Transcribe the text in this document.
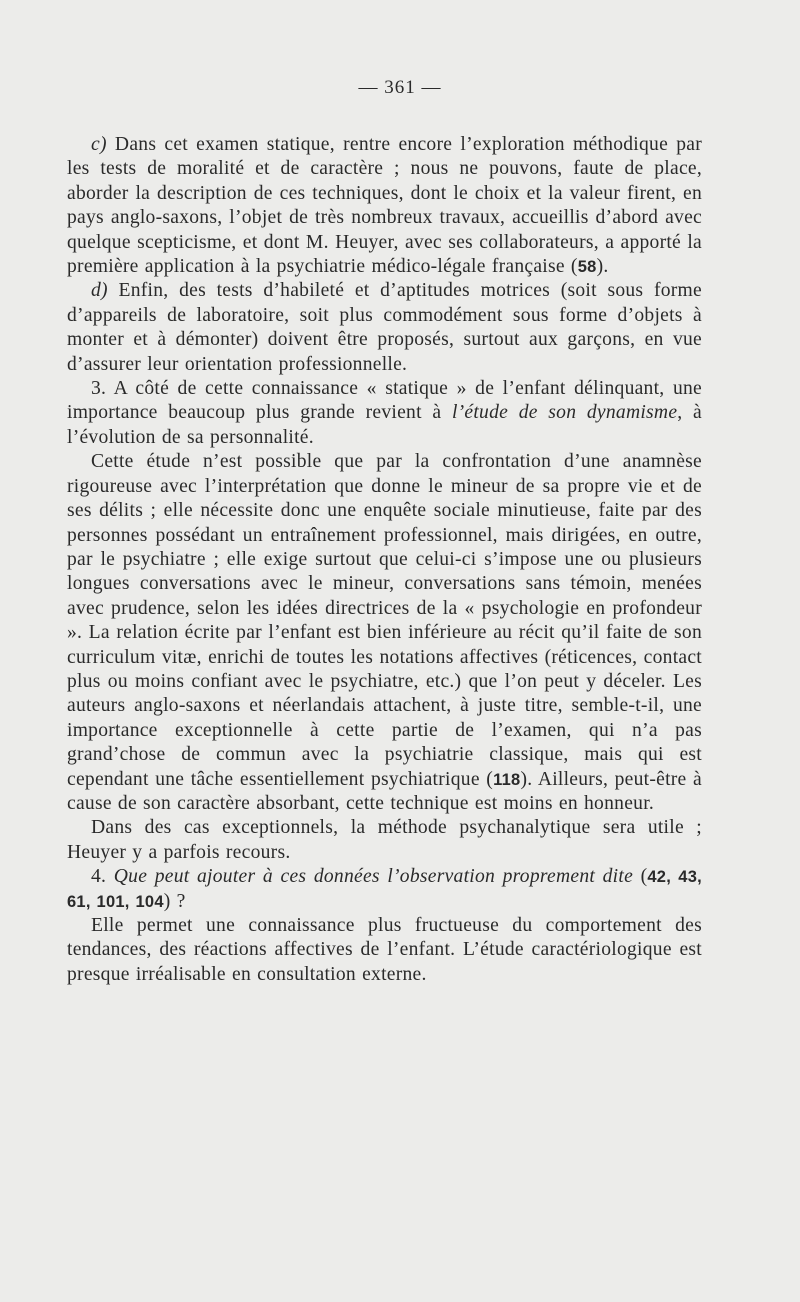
— 361 —

c) Dans cet examen statique, rentre encore l’exploration méthodique par les tests de moralité et de caractère ; nous ne pouvons, faute de place, aborder la description de ces techniques, dont le choix et la valeur firent, en pays anglo-saxons, l’objet de très nombreux travaux, accueillis d’abord avec quelque scepticisme, et dont M. Heuyer, avec ses collaborateurs, a apporté la première application à la psychiatrie médico-légale française (58).

d) Enfin, des tests d’habileté et d’aptitudes motrices (soit sous forme d’appareils de laboratoire, soit plus commodément sous forme d’objets à monter et à démonter) doivent être proposés, surtout aux garçons, en vue d’assurer leur orientation professionnelle.

3. A côté de cette connaissance « statique » de l’enfant délinquant, une importance beaucoup plus grande revient à l’étude de son dynamisme, à l’évolution de sa personnalité.

Cette étude n’est possible que par la confrontation d’une anamnèse rigoureuse avec l’interprétation que donne le mineur de sa propre vie et de ses délits ; elle nécessite donc une enquête sociale minutieuse, faite par des personnes possédant un entraînement professionnel, mais dirigées, en outre, par le psychiatre ; elle exige surtout que celui-ci s’impose une ou plusieurs longues conversations avec le mineur, conversations sans témoin, menées avec prudence, selon les idées directrices de la « psychologie en profondeur ». La relation écrite par l’enfant est bien inférieure au récit qu’il faite de son curriculum vitæ, enrichi de toutes les notations affectives (réticences, contact plus ou moins confiant avec le psychiatre, etc.) que l’on peut y déceler. Les auteurs anglo-saxons et néerlandais attachent, à juste titre, semble-t-il, une importance exceptionnelle à cette partie de l’examen, qui n’a pas grand’chose de commun avec la psychiatrie classique, mais qui est cependant une tâche essentiellement psychiatrique (118). Ailleurs, peut-être à cause de son caractère absorbant, cette technique est moins en honneur.

Dans des cas exceptionnels, la méthode psychanalytique sera utile ; Heuyer y a parfois recours.

4. Que peut ajouter à ces données l’observation proprement dite (42, 43, 61, 101, 104) ?

Elle permet une connaissance plus fructueuse du comportement des tendances, des réactions affectives de l’enfant. L’étude caractériologique est presque irréalisable en consultation externe.
